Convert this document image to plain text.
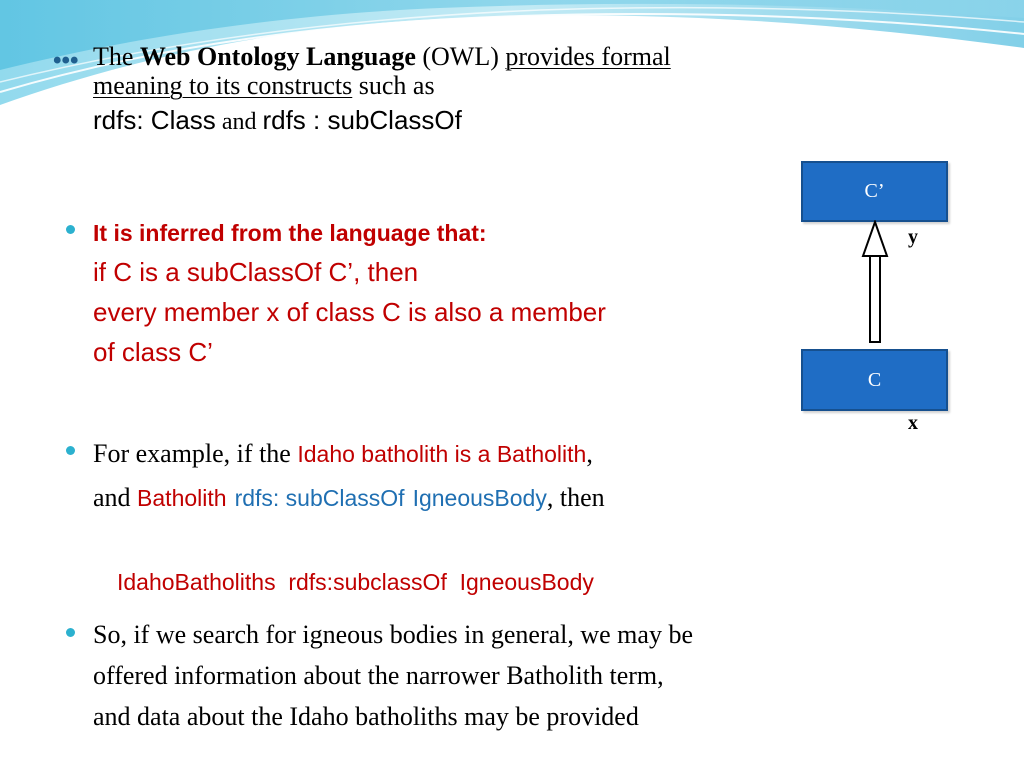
... The Web Ontology Language (OWL) provides formal
meaning to its constructs such as
rdfs: Class and rdfs : subClassOf
It is inferred from the language that:
if C is a subClassOf C’, then
every member x of class C is also a member
of class C’
For example, if the Idaho batholith is a Batholith,
and Batholith rdfs: subClassOf IgneousBody, then

IdahoBatholiths  rdfs:subclassOf  IgneousBody

So, if we search for igneous bodies in general, we may be
offered information about the narrower Batholith term,
and data about the Idaho batholiths may be provided
C’
C
y
x
